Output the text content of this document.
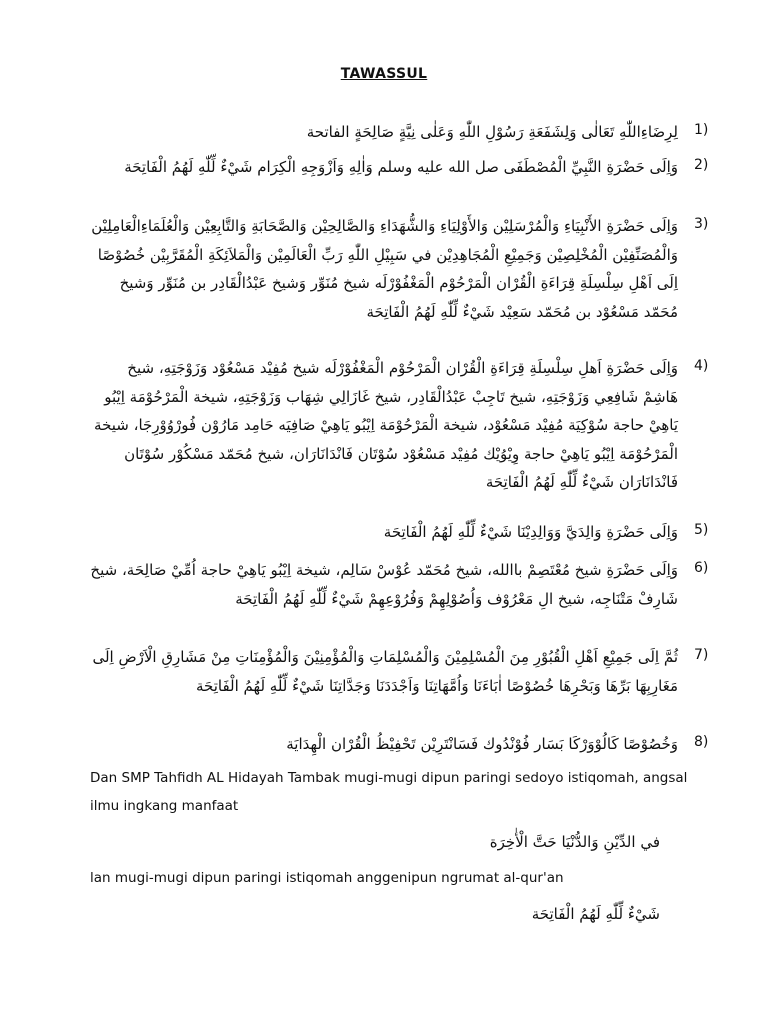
TAWASSUL
1)
لِرِضَاءِاللّٰهِ تَعَالٰى وَلِشَفَعَةِ رَسُوْلِ اللّٰهِ وَعَلٰى نِيَّةٍ صَالِحَةٍ الفاتحة
2)
وَاِلَى حَضْرَةِ النَّبِيِّ الْمُصْطَفَى صل الله عليه وسلم وَاٰلِهِ وَاَزْوَجِهِ الْكِرَام شَيْءٌ لِّلّٰهِ لَهُمُ الْفَاتِحَة
3)
وَاِلَى حَضْرَةِ الأَنْبِيَاءِ وَالْمُرْسَلِيْن وَالأَوْلِيَاءِ وَالشُّهَدَاءِ وَالصَّالِحِيْن وَالصَّحَابَةِ وَالتَّابِعِيْن وَالْعُلَمَاءِالْعَامِلِيْن وَالْمُصَنِّفِيْن الْمُخْلِصِيْن وَجَمِيْعِ الْمُجَاهِدِيْن في سَبِيْلِ اللّٰهِ رَبِّ الْعَالَمِيْن وَالْمَلاَئِكَةِ الْمُقَرَّبِيْن خُصُوْصًا اِلَى اَهْلِ سِلْسِلَةِ قِرَاءَةِ الْقُرْان الْمَرْحُوْم الْمَغْفُوْرْلَه شيخ مُنَوِّر وَشيخ عَبْدُالْقَادِر بن مُنَوِّر وَشيخ مُحَمّد مَسْعُوْد بن مُحَمّد سَعِيْد شَيْءٌ لِّلّٰهِ لَهُمُ الْفَاتِحَة
4)
وَاِلَى حَضْرَةِ اَهلِ سِلْسِلَةِ قِرَاءَةِ الْقُرْان الْمَرْحُوْم الْمَغْفُوْرْلَه شيخ مُفِيْد مَسْعُوْد وَزَوْجَتِهِ، شيخ هَاشِمْ شَافِعِي وَزَوْجَتِهِ، شيخ تَاجِبْ عَبْدُالْقَادِر، شيخ غَازَالِي شِهَاب وَزَوْجَتِهِ، شيخة الْمَرْحُوْمَة اِيْبُو يَاهِيْ حاجة سُوْكِيَة مُفِيْد مَسْعُوْد، شيخة الْمَرْحُوْمَة اِيْبُو يَاهِيْ صَافِيَه حَامِد مَارُوْن فُورْوُوْرِجَا، شيخة الْمَرْحُوْمَة اِيْبُو يَاهِيْ حاجة وِيْوُيْك مُفِيْد مَسْعُوْد سُوْتَان فَانْدَانَارَان، شيخ مُحَمّد مَسْكُوْر سُوْتَان فَانْدَانَارَان شَيْءٌ لِّلّٰهِ لَهُمُ الْفَاتِحَة
5)
وَاِلَى حَضْرَةِ وَالِدَيَّ وَوَالِدِيْنَا شَيْءٌ لِّلّٰهِ لَهُمُ الْفَاتِحَة
6)
وَاِلَى حَضْرَةِ شيخ مُعْتَصِمْ باالله، شيخ مُحَمّد عُوْسْ سَالِم، شيخة اِيْبُو يَاهِيْ حاجة اُمِّيْ صَالِحَة، شيخ شَارِفْ مَتْنَاجِه، شيخ الِ مَعْرُوْف وَاُصُوْلِهِمْ وَفُرُوْعِهِمْ شَيْءٌ لِّلّٰهِ لَهُمُ الْفَاتِحَة
7)
ثُمَّ اِلَى جَمِيْعِ اَهْلِ الْقُبُوْرِ مِنَ الْمُسْلِمِيْنَ وَالْمُسْلِمَاتِ وَالْمُؤْمِنِيْنَ وَالْمُؤْمِنَاتِ مِنْ مَشَارِقِ الْاَرْضِ اِلَى مَغَارِبِهَا بَرِّهَا وَبَحْرِهَا خُصُوْصًا اٰبَاءَنَا وَاُمَّهَاتِنَا وَاَجْدَدَنَا وَجَدَّاتِنَا شَيْءٌ لِّلّٰهِ لَهُمُ الْفَاتِحَة
8)
وَخُصُوْصًا كَالُوْوَرْكَا بَسَار فُوْنْدُوك فَسَانْتَرِيْن تَحْفِيْظُ الْقُرْان الْهِدَايَة
Dan SMP Tahfidh AL Hidayah Tambak mugi-mugi dipun paringi sedoyo istiqomah, angsal ilmu ingkang manfaat
في الدِّيْنِ وَالدُّنْيَا حَتَّ الْأٰخِرَة
lan mugi-mugi dipun paringi istiqomah anggenipun ngrumat al-qur'an
شَيْءٌ لِّلّٰهِ لَهُمُ الْفَاتِحَة
